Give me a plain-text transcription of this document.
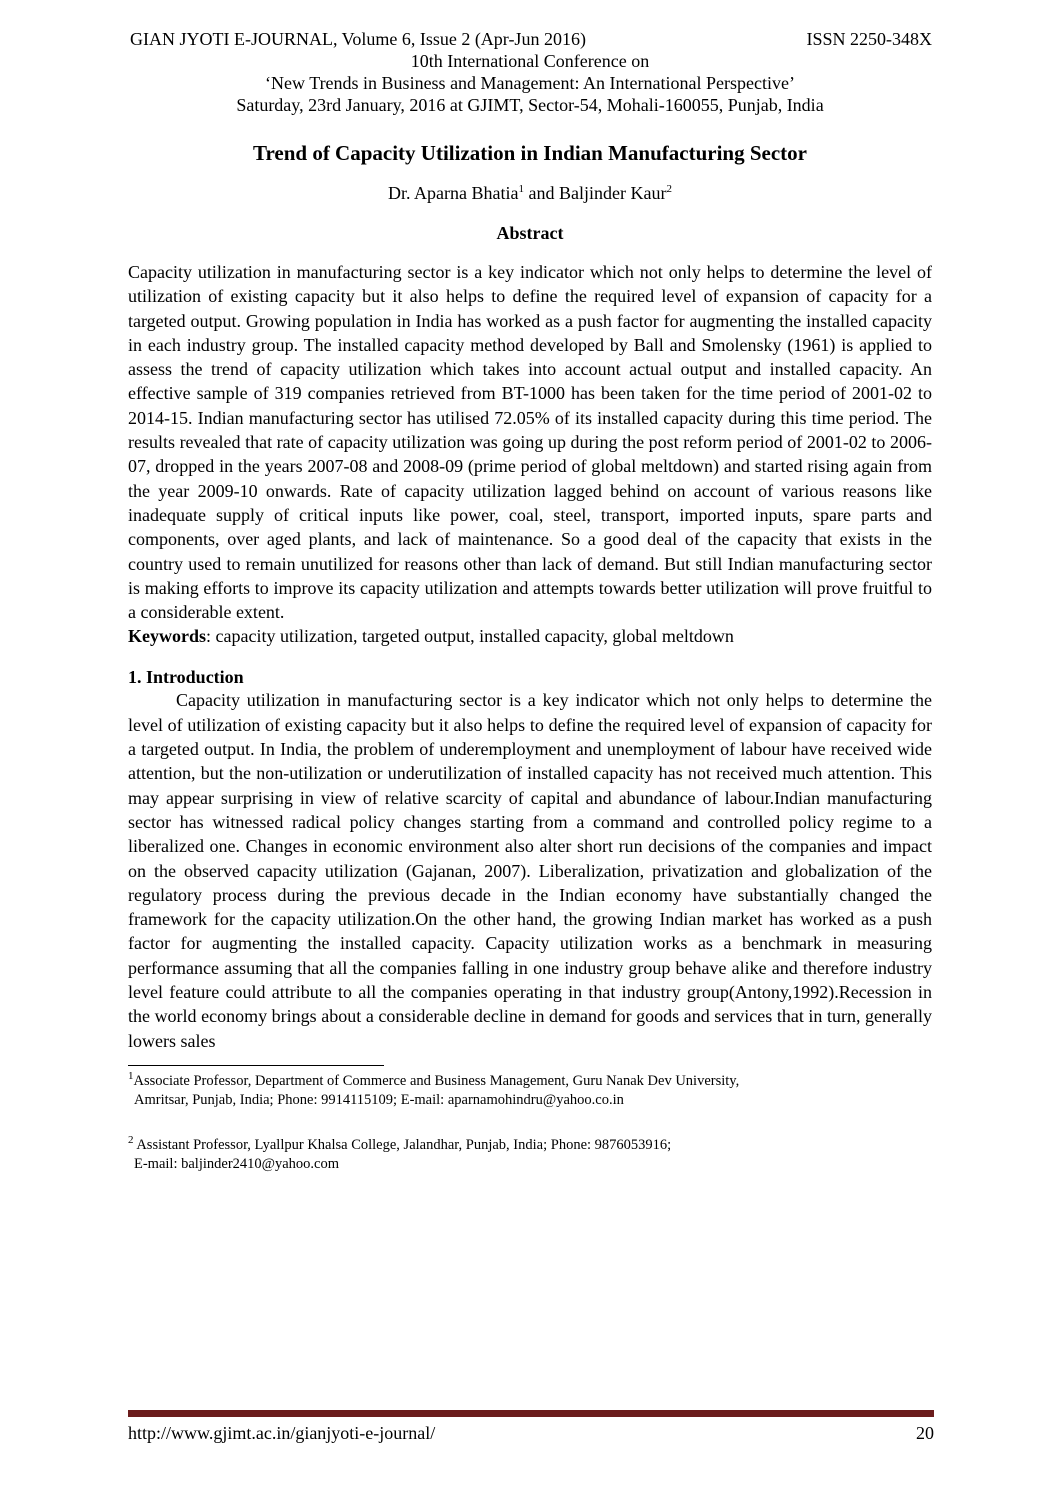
GIAN JYOTI E-JOURNAL, Volume 6, Issue 2 (Apr-Jun 2016)	ISSN 2250-348X
10th International Conference on
‘New Trends in Business and Management: An International Perspective’
Saturday, 23rd January, 2016 at GJIMT, Sector-54, Mohali-160055, Punjab, India
Trend of Capacity Utilization in Indian Manufacturing Sector
Dr. Aparna Bhatia$^1$ and Baljinder Kaur$^2$
Abstract

Capacity utilization in manufacturing sector is a key indicator which not only helps to determine the level of utilization of existing capacity but it also helps to define the required level of expansion of capacity for a targeted output. Growing population in India has worked as a push factor for augmenting the installed capacity in each industry group. The installed capacity method developed by Ball and Smolensky (1961) is applied to assess the trend of capacity utilization which takes into account actual output and installed capacity. An effective sample of 319 companies retrieved from BT-1000 has been taken for the time period of 2001-02 to 2014-15. Indian manufacturing sector has utilised 72.05% of its installed capacity during this time period. The results revealed that rate of capacity utilization was going up during the post reform period of 2001-02 to 2006-07, dropped in the years 2007-08 and 2008-09 (prime period of global meltdown) and started rising again from the year 2009-10 onwards. Rate of capacity utilization lagged behind on account of various reasons like inadequate supply of critical inputs like power, coal, steel, transport, imported inputs, spare parts and components, over aged plants, and lack of maintenance. So a good deal of the capacity that exists in the country used to remain unutilized for reasons other than lack of demand. But still Indian manufacturing sector is making efforts to improve its capacity utilization and attempts towards better utilization will prove fruitful to a considerable extent.

Keywords: capacity utilization, targeted output, installed capacity, global meltdown
1. Introduction

Capacity utilization in manufacturing sector is a key indicator which not only helps to determine the level of utilization of existing capacity but it also helps to define the required level of expansion of capacity for a targeted output. In India, the problem of underemployment and unemployment of labour have received wide attention, but the non-utilization or underutilization of installed capacity has not received much attention. This may appear surprising in view of relative scarcity of capital and abundance of labour.Indian manufacturing sector has witnessed radical policy changes starting from a command and controlled policy regime to a liberalized one. Changes in economic environment also alter short run decisions of the companies and impact on the observed capacity utilization (Gajanan, 2007). Liberalization, privatization and globalization of the regulatory process during the previous decade in the Indian economy have substantially changed the framework for the capacity utilization.On the other hand, the growing Indian market has worked as a push factor for augmenting the installed capacity. Capacity utilization works as a benchmark in measuring performance assuming that all the companies falling in one industry group behave alike and therefore industry level feature could attribute to all the companies operating in that industry group(Antony,1992).Recession in the world economy brings about a considerable decline in demand for goods and services that in turn, generally lowers sales

$^1$Associate Professor, Department of Commerce and Business Management, Guru Nanak Dev University,
Amritsar, Punjab, India; Phone: 9914115109; E-mail: aparnamohindru@yahoo.co.in
$^2$ Assistant Professor, Lyallpur Khalsa College, Jalandhar, Punjab, India; Phone: 9876053916;
E-mail: baljinder2410@yahoo.com
http://www.gjimt.ac.in/gianjyoti-e-journal/	20
